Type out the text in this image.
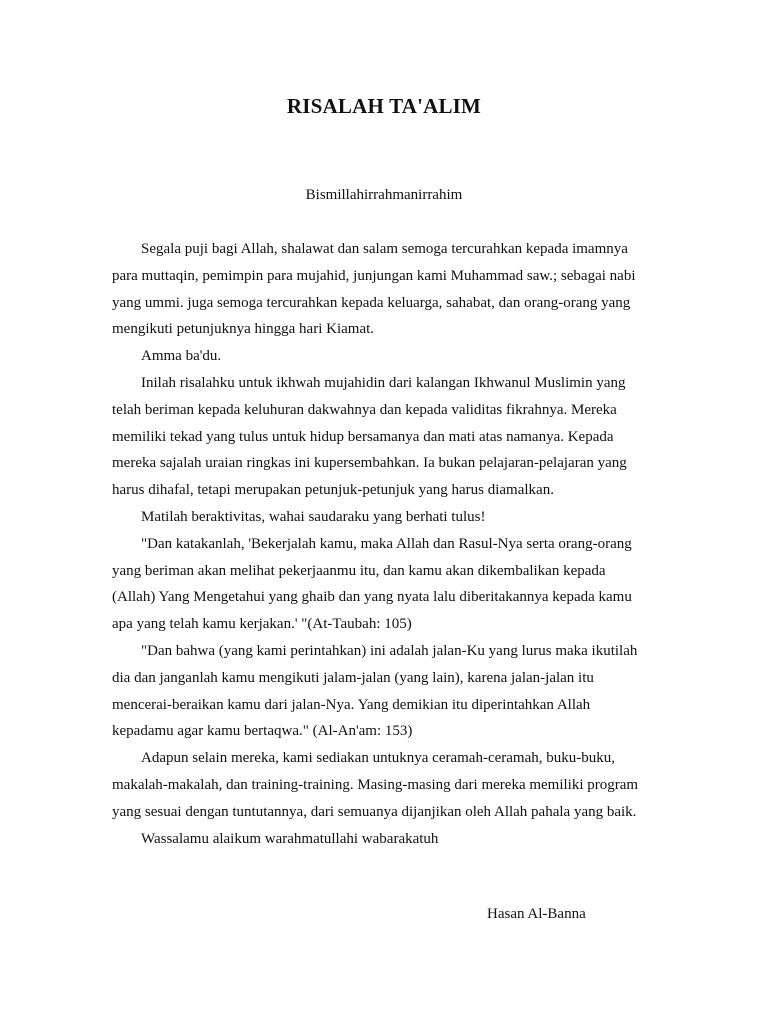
RISALAH TA'ALIM
Bismillahirrahmanirrahim

Segala puji bagi Allah, shalawat dan salam semoga tercurahkan kepada imamnya
para muttaqin, pemimpin para mujahid, junjungan kami Muhammad saw.; sebagai nabi
yang ummi. juga semoga tercurahkan kepada keluarga, sahabat, dan orang-orang yang
mengikuti petunjuknya hingga hari Kiamat.

Amma ba'du.

Inilah risalahku untuk ikhwah mujahidin dari kalangan Ikhwanul Muslimin yang
telah beriman kepada keluhuran dakwahnya dan kepada validitas fikrahnya. Mereka
memiliki tekad yang tulus untuk hidup bersamanya dan mati atas namanya. Kepada
mereka sajalah uraian ringkas ini kupersembahkan. Ia bukan pelajaran-pelajaran yang
harus dihafal, tetapi merupakan petunjuk-petunjuk yang harus diamalkan.

Matilah beraktivitas, wahai saudaraku yang berhati tulus!

"Dan katakanlah, 'Bekerjalah kamu, maka Allah dan Rasul-Nya serta orang-orang
yang beriman akan melihat pekerjaanmu itu, dan kamu akan dikembalikan kepada
(Allah) Yang Mengetahui yang ghaib dan yang nyata lalu diberitakannya kepada kamu
apa yang telah kamu kerjakan.' "(At-Taubah: 105)

"Dan bahwa (yang kami perintahkan) ini adalah jalan-Ku yang lurus maka ikutilah
dia dan janganlah kamu mengikuti jalam-jalan (yang lain), karena jalan-jalan itu
mencerai-beraikan kamu dari jalan-Nya. Yang demikian itu diperintahkan Allah
kepadamu agar kamu bertaqwa." (Al-An'am: 153)

Adapun selain mereka, kami sediakan untuknya ceramah-ceramah, buku-buku,
makalah-makalah, dan training-training. Masing-masing dari mereka memiliki program
yang sesuai dengan tuntutannya, dari semuanya dijanjikan oleh Allah pahala yang baik.

Wassalamu alaikum warahmatullahi wabarakatuh

Hasan Al-Banna
